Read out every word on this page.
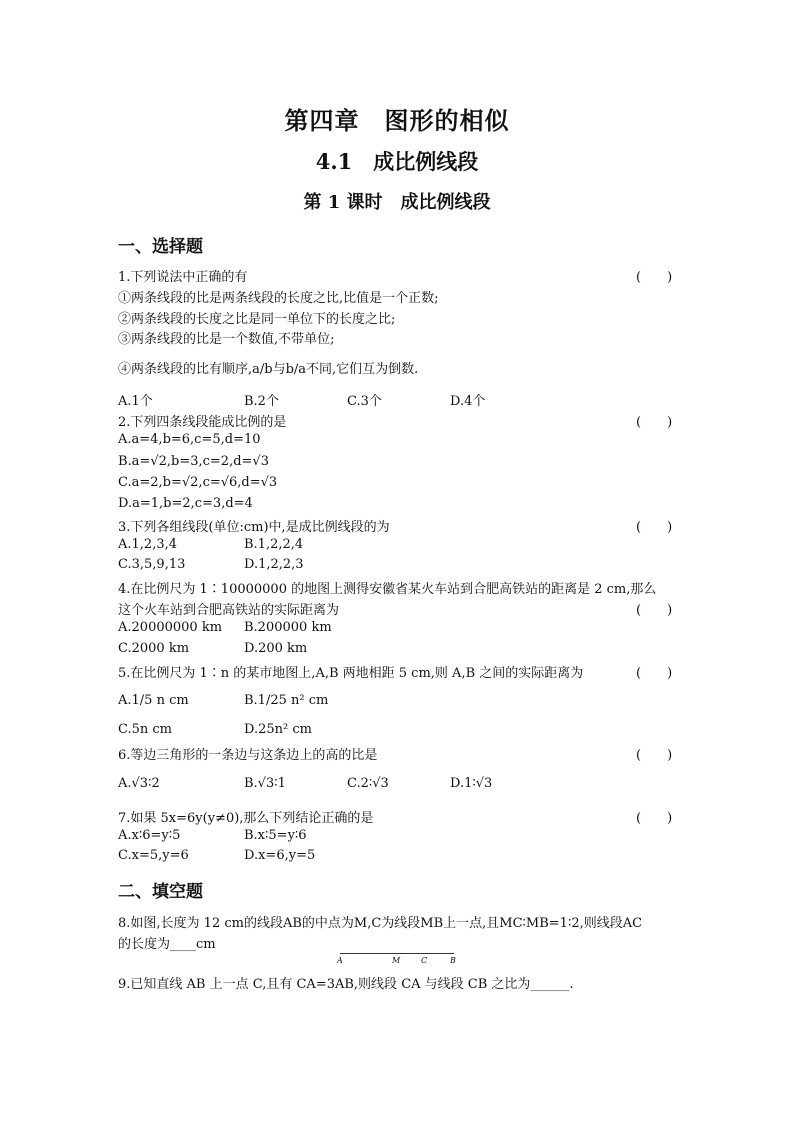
第四章　图形的相似
4.1　成比例线段
第 1 课时　成比例线段
一、选择题
1.下列说法中正确的有	(　　)
①两条线段的比是两条线段的长度之比,比值是一个正数;
②两条线段的长度之比是同一单位下的长度之比;
③两条线段的比是一个数值,不带单位;
④两条线段的比有顺序,a/b与b/a不同,它们互为倒数.
A.1个	B.2个	C.3个	D.4个
2.下列四条线段能成比例的是	(　　)
A.a=4,b=6,c=5,d=10
B.a=√2,b=3,c=2,d=√3
C.a=2,b=√2,c=√6,d=√3
D.a=1,b=2,c=3,d=4
3.下列各组线段(单位:cm)中,是成比例线段的为	(　　)
A.1,2,3,4	B.1,2,2,4
C.3,5,9,13	D.1,2,2,3
4.在比例尺为 1∶10000000 的地图上测得安徽省某火车站到合肥高铁站的距离是 2 cm,那么
这个火车站到合肥高铁站的实际距离为	(　　)
A.20000000 km B.200000 km
C.2000 km	D.200 km
5.在比例尺为 1∶n 的某市地图上,A,B 两地相距 5 cm,则 A,B 之间的实际距离为	(　　)
A.1/5 n cm	B.1/25 n² cm
C.5n cm	D.25n² cm
6.等边三角形的一条边与这条边上的高的比是	(　　)
A.√3∶2	B.√3∶1	C.2∶√3	D.1∶√3
7.如果 5x=6y(y≠0),那么下列结论正确的是	(　　)
A.x∶6=y∶5	B.x∶5=y∶6
C.x=5,y=6	D.x=6,y=5
二、填空题
8.如图,长度为 12 cm的线段AB的中点为M,C为线段MB上一点,且MC∶MB=1∶2,则线段AC
的长度为____cm
A	M	C	B
9.已知直线 AB 上一点 C,且有 CA=3AB,则线段 CA 与线段 CB 之比为______.
